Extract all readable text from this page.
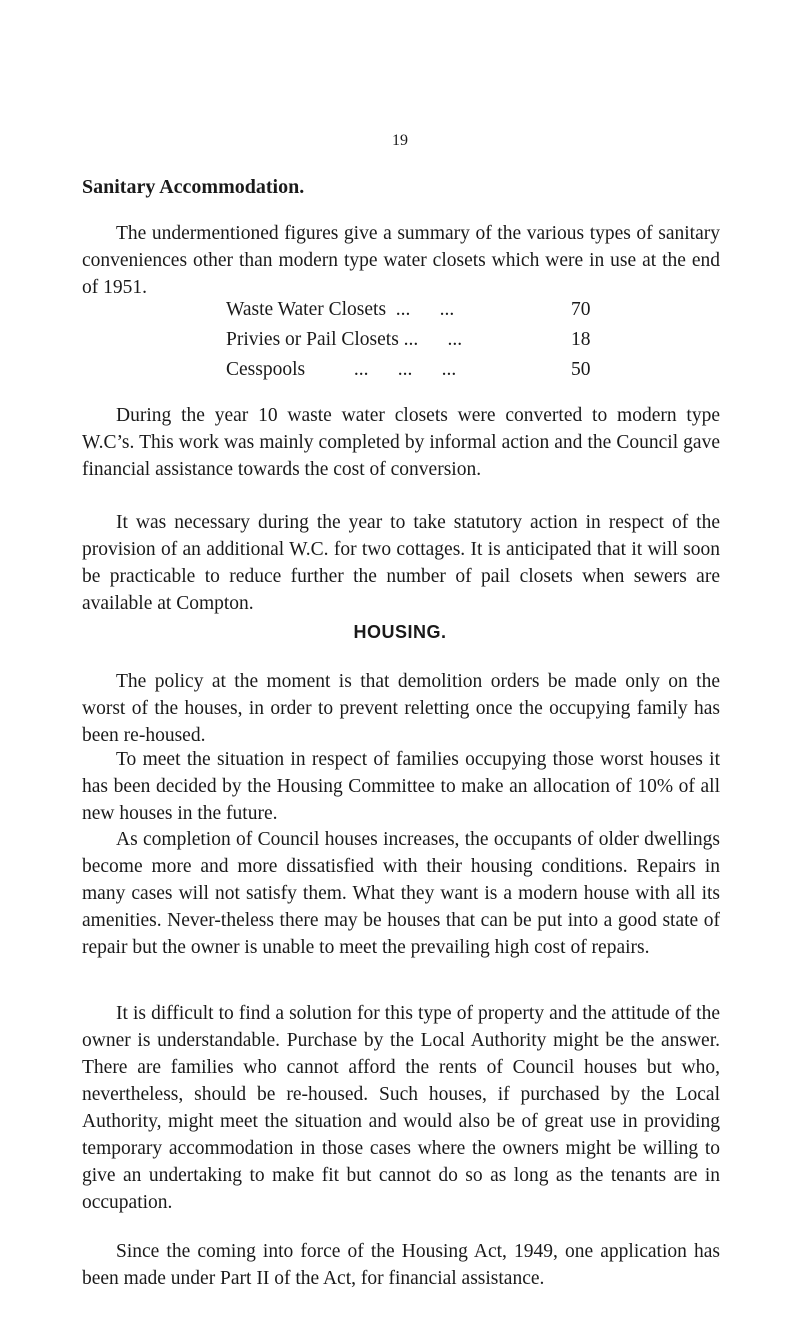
19
Sanitary Accommodation.

The undermentioned figures give a summary of the various types of sanitary conveniences other than modern type water closets which were in use at the end of 1951.

Waste Water Closets  ...      ...	70
Privies or Pail Closets ...      ...	18
Cesspools          ...      ...      ...	50

During the year 10 waste water closets were converted to modern type W.C’s. This work was mainly completed by informal action and the Council gave financial assistance towards the cost of conversion.

It was necessary during the year to take statutory action in respect of the provision of an additional W.C. for two cottages. It is anticipated that it will soon be practicable to reduce further the number of pail closets when sewers are available at Compton.

HOUSING.

The policy at the moment is that demolition orders be made only on the worst of the houses, in order to prevent reletting once the occupying family has been re-housed.

To meet the situation in respect of families occupying those worst houses it has been decided by the Housing Committee to make an allocation of 10% of all new houses in the future.

As completion of Council houses increases, the occupants of older dwellings become more and more dissatisfied with their housing conditions. Repairs in many cases will not satisfy them. What they want is a modern house with all its amenities. Never-theless there may be houses that can be put into a good state of repair but the owner is unable to meet the prevailing high cost of repairs.

It is difficult to find a solution for this type of property and the attitude of the owner is understandable. Purchase by the Local Authority might be the answer. There are families who cannot afford the rents of Council houses but who, nevertheless, should be re-housed. Such houses, if purchased by the Local Authority, might meet the situation and would also be of great use in providing temporary accommodation in those cases where the owners might be willing to give an undertaking to make fit but cannot do so as long as the tenants are in occupation.

Since the coming into force of the Housing Act, 1949, one application has been made under Part II of the Act, for financial assistance.
